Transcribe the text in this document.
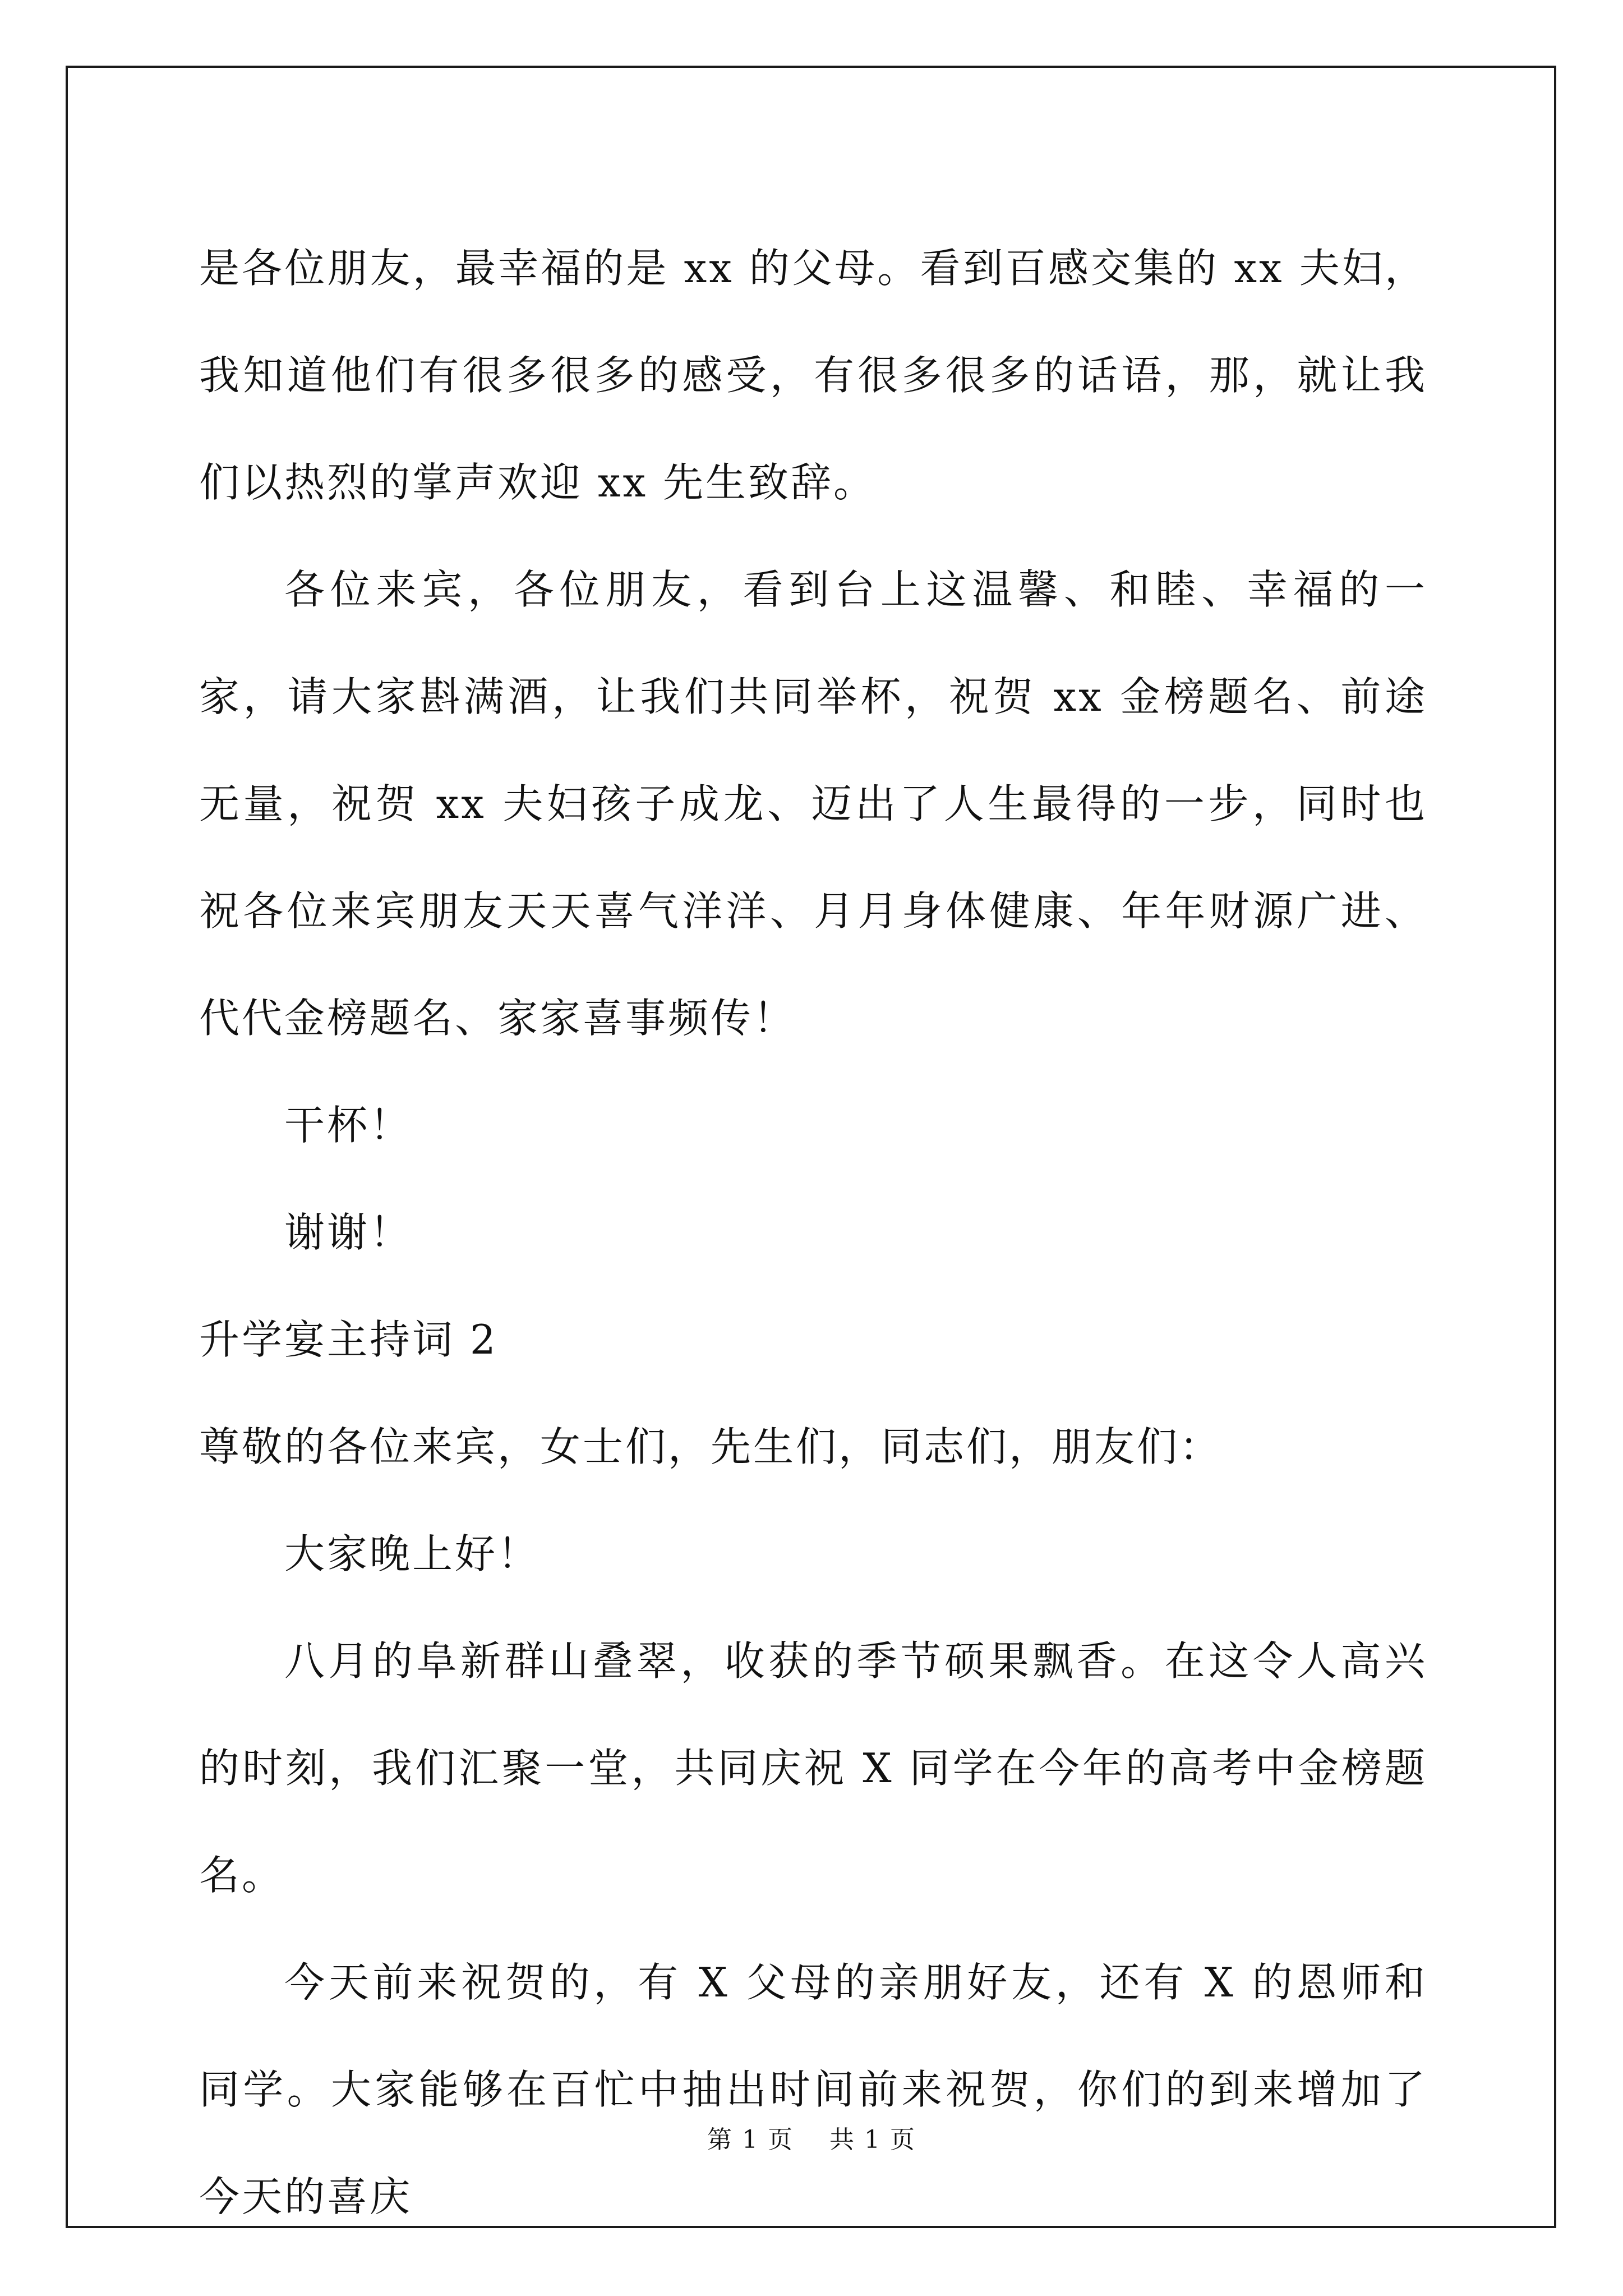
是各位朋友，最幸福的是 xx 的父母。看到百感交集的 xx 夫妇，我知道他们有很多很多的感受，有很多很多的话语，那，就让我们以热烈的掌声欢迎 xx 先生致辞。

各位来宾，各位朋友，看到台上这温馨、和睦、幸福的一家，请大家斟满酒，让我们共同举杯，祝贺 xx 金榜题名、前途无量，祝贺 xx 夫妇孩子成龙、迈出了人生最得的一步，同时也祝各位来宾朋友天天喜气洋洋、月月身体健康、年年财源广进、代代金榜题名、家家喜事频传！

干杯！

谢谢！

升学宴主持词 2

尊敬的各位来宾，女士们，先生们，同志们，朋友们：

大家晚上好！

八月的阜新群山叠翠，收获的季节硕果飘香。在这令人高兴的时刻，我们汇聚一堂，共同庆祝 X 同学在今年的高考中金榜题名。

今天前来祝贺的，有 X 父母的亲朋好友，还有 X 的恩师和同学。大家能够在百忙中抽出时间前来祝贺，你们的到来增加了今天的喜庆

第 1 页    共 1 页
